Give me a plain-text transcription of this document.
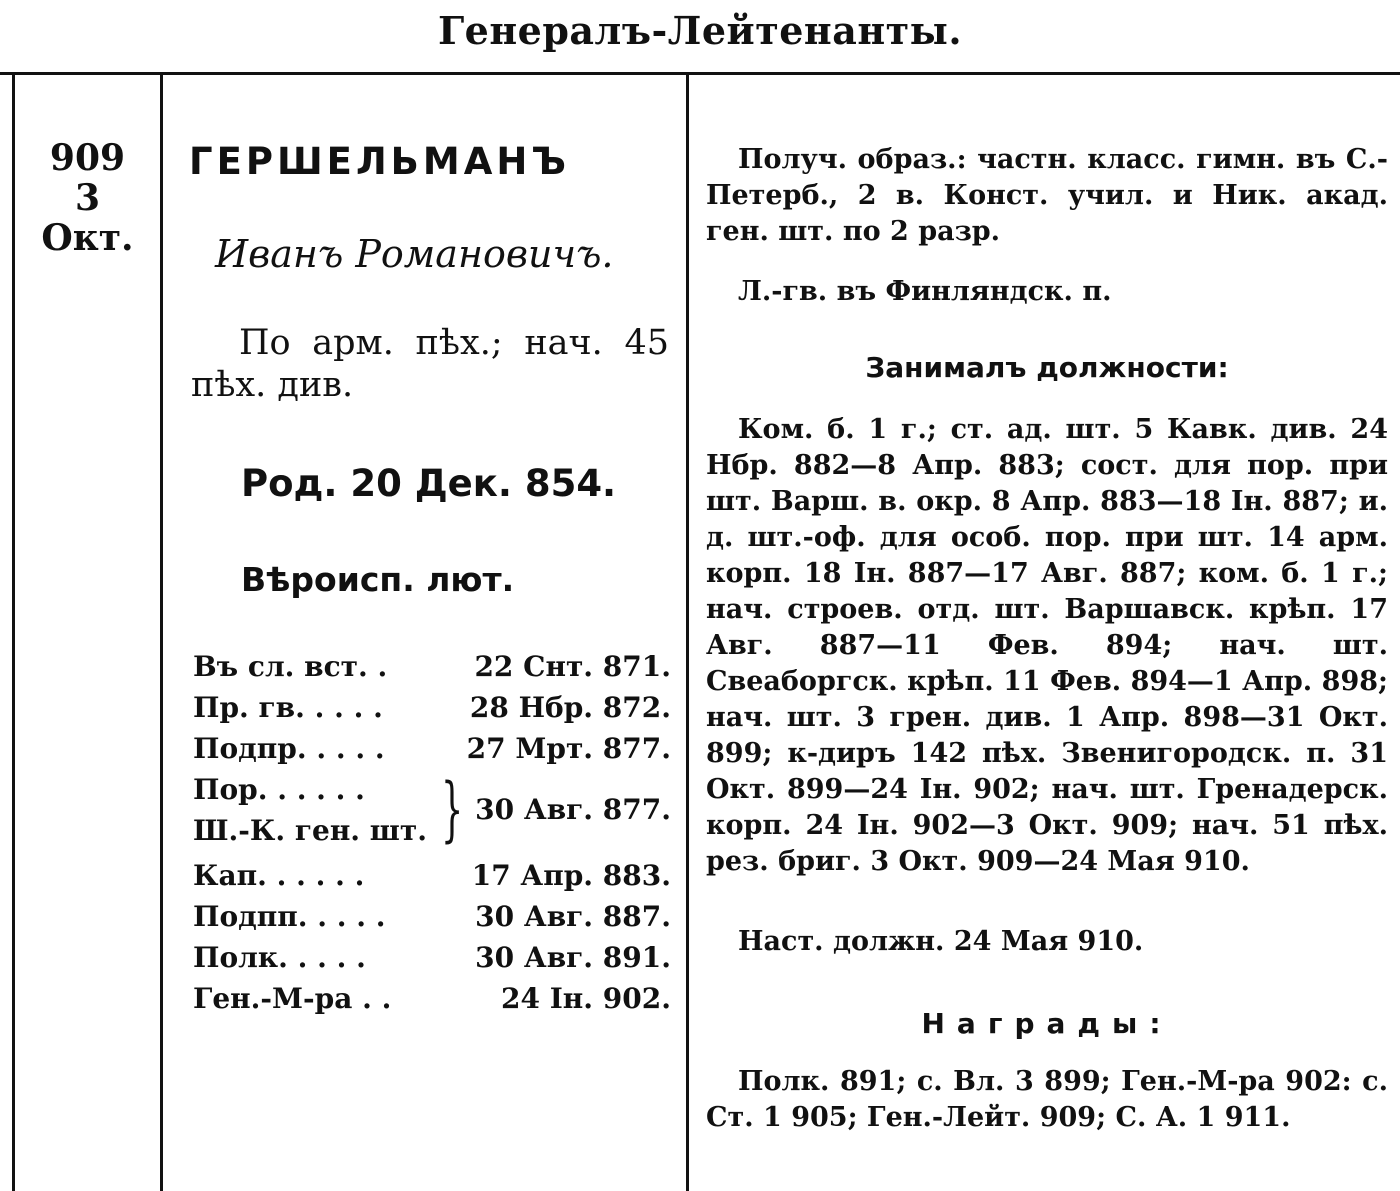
Генералъ-Лейтенанты.
909
3
Окт.
ГЕРШЕЛЬМАНЪ
Иванъ Романовичъ.
По арм. пѣх.; нач. 45 пѣх. див.
Род. 20 Дек. 854.
Вѣроисп. лют.
Въ сл. вст. .	22 Снт. 871.
Пр. гв. . . . .	28 Нбр. 872.
Подпр. . . . .	27 Мрт. 877.
Пор. . . . . .
Ш.-К. ген. шт. } 30 Авг. 877.
Кап. . . . . .	17 Апр. 883.
Подпп. . . . .	30 Авг. 887.
Полк. . . . .	30 Авг. 891.
Ген.-М-ра . .	24 Ін. 902.

Получ. образ.: частн. класс. гимн. въ С.-Петерб., 2 в. Конст. учил. и Ник. акад. ген. шт. по 2 разр.

Л.-гв. въ Финляндск. п.

Занималъ должности:

Ком. б. 1 г.; ст. ад. шт. 5 Кавк. див. 24 Нбр. 882—8 Апр. 883; сост. для пор. при шт. Варш. в. окр. 8 Апр. 883—18 Ін. 887; и. д. шт.-оф. для особ. пор. при шт. 14 арм. корп. 18 Ін. 887—17 Авг. 887; ком. б. 1 г.; нач. строев. отд. шт. Варшавск. крѣп. 17 Авг. 887—11 Фев. 894; нач. шт. Свеаборгск. крѣп. 11 Фев. 894—1 Апр. 898; нач. шт. 3 грен. див. 1 Апр. 898—31 Окт. 899; к-диръ 142 пѣх. Звенигородск. п. 31 Окт. 899—24 Ін. 902; нач. шт. Гренадерск. корп. 24 Ін. 902—3 Окт. 909; нач. 51 пѣх. рез. бриг. 3 Окт. 909—24 Мая 910.

Наст. должн. 24 Мая 910.

Награды:

Полк. 891; с. Вл. 3 899; Ген.-М-ра 902: с. Ст. 1 905; Ген.-Лейт. 909; С. А. 1 911.
